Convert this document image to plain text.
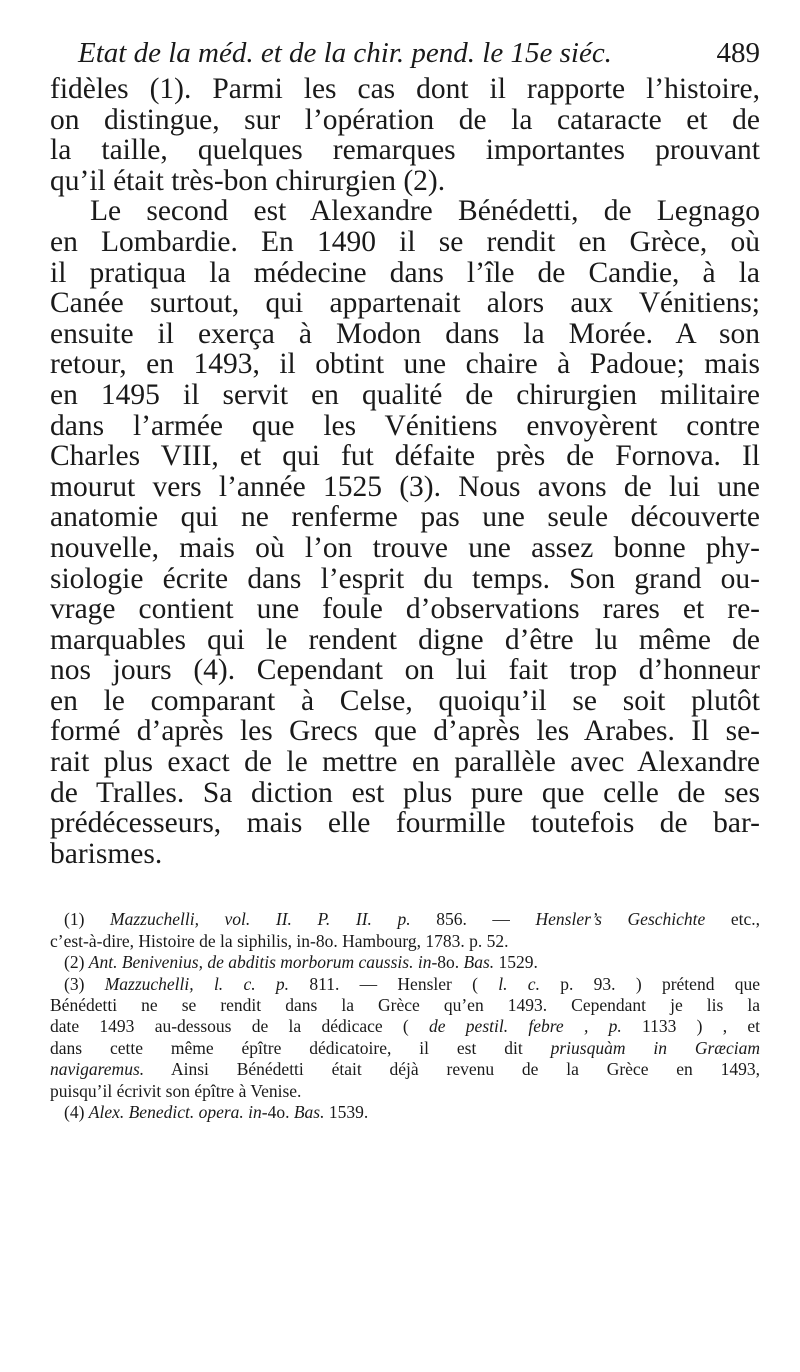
Etat de la méd. et de la chir. pend. le 15e siéc.	489
fidèles (1). Parmi les cas dont il rapporte l’histoire,
on distingue, sur l’opération de la cataracte et de
la taille, quelques remarques importantes prouvant
qu’il était très-bon chirurgien (2).
Le second est Alexandre Bénédetti, de Legnago
en Lombardie. En 1490 il se rendit en Grèce, où
il pratiqua la médecine dans l’île de Candie, à la
Canée surtout, qui appartenait alors aux Vénitiens;
ensuite il exerça à Modon dans la Morée. A son
retour, en 1493, il obtint une chaire à Padoue; mais
en 1495 il servit en qualité de chirurgien militaire
dans l’armée que les Vénitiens envoyèrent contre
Charles VIII, et qui fut défaite près de Fornova. Il
mourut vers l’année 1525 (3). Nous avons de lui une
anatomie qui ne renferme pas une seule découverte
nouvelle, mais où l’on trouve une assez bonne phy-
siologie écrite dans l’esprit du temps. Son grand ou-
vrage contient une foule d’observations rares et re-
marquables qui le rendent digne d’être lu même de
nos jours (4). Cependant on lui fait trop d’honneur
en le comparant à Celse, quoiqu’il se soit plutôt
formé d’après les Grecs que d’après les Arabes. Il se-
rait plus exact de le mettre en parallèle avec Alexandre
de Tralles. Sa diction est plus pure que celle de ses
prédécesseurs, mais elle fourmille toutefois de bar-
barismes.
(1) Mazzuchelli, vol. II. P. II. p. 856. — Hensler’s Geschichte etc.,
c’est-à-dire, Histoire de la siphilis, in-8o. Hambourg, 1783. p. 52.
(2) Ant. Benivenius, de abditis morborum caussis. in-8o. Bas. 1529.
(3) Mazzuchelli, l. c. p. 811. — Hensler ( l. c. p. 93. ) prétend que
Bénédetti ne se rendit dans la Grèce qu’en 1493. Cependant je lis la
date 1493 au-dessous de la dédicace ( de pestil. febre , p. 1133 ) , et
dans cette même épître dédicatoire, il est dit priusquàm in Græciam
navigaremus. Ainsi Bénédetti était déjà revenu de la Grèce en 1493,
puisqu’il écrivit son épître à Venise.
(4) Alex. Benedict. opera. in-4o. Bas. 1539.
